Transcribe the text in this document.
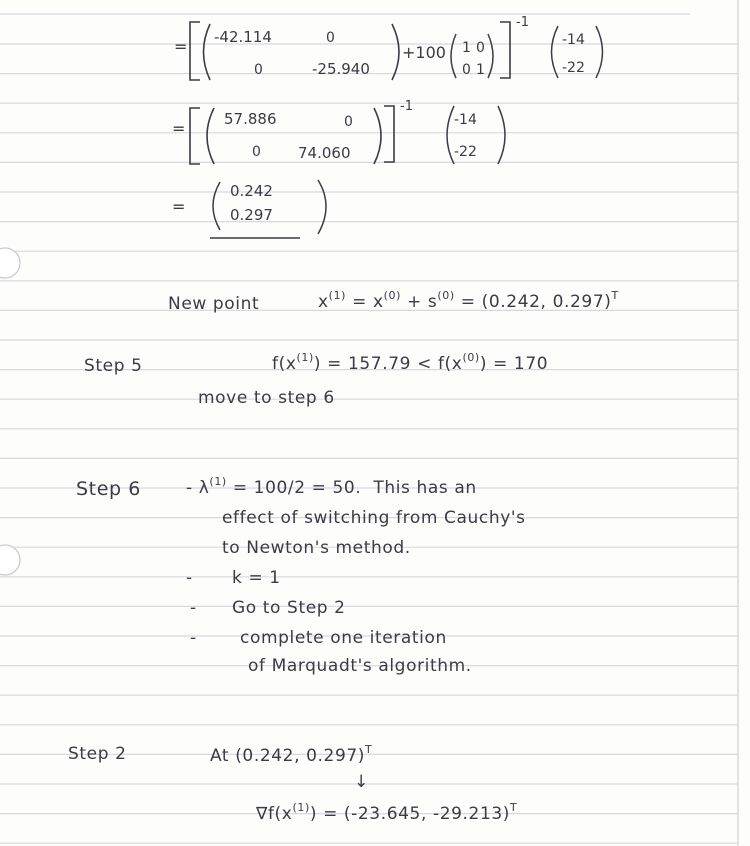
= -42.114	0
0	-25.940
+100 1 0
0 1
-1
-14
-22
=	57.886	0
0 74.060
-1
-14
-22
=
0.242
0.297
New point	$x^{(1)} = x^{(0)} + s^{(0)} = (0.242$, 0.297)$^T$
Step 5	$f(x^{(1)}) = 157.79 < f(x^{(0)}) = 170$
move to step 6
Step 6	- $\lambda^{(1)} = 100/2 = 50$. This has an
effect of switching from Cauchy's
to Newton's method.
- k = 1
- Go to Step 2
-	complete one iteration
of Marquadt's algorithm.
Step 2	At (0.242, 0.297)$^T$
↓
$\nabla f(x^{(1)}) = (-23.645$, -29.213)$^T$
